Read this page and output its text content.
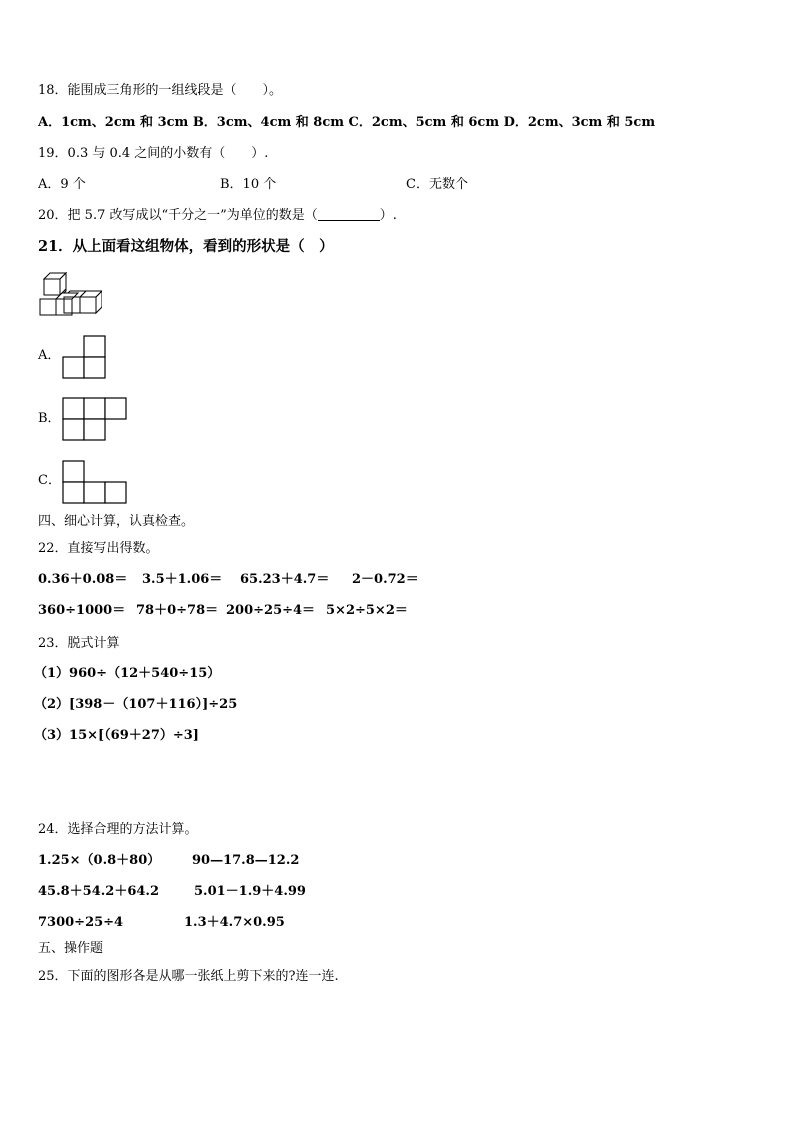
18．能围成三角形的一组线段是（　　）。
A．1cm、2cm 和 3cm B．3cm、4cm 和 8cm C．2cm、5cm 和 6cm D．2cm、3cm 和 5cm
19．0.3 与 0.4 之间的小数有（　　）.
A．9 个	B．10 个	C．无数个
20．把 5.7 改写成以“千分之一”为单位的数是（	）.
21．从上面看这组物体，看到的形状是（　）
A．
B．
C．
四、细心计算，认真检查。
22．直接写出得数。
0.36＋0.08＝ 3.5＋1.06＝ 65.23＋4.7＝ 2－0.72＝
360÷1000＝ 78＋0÷78＝ 200÷25÷4＝ 5×2÷5×2＝
23．脱式计算
（1）960÷（12＋540÷15）
（2）[398－（107＋116）]÷25
（3）15×[（69＋27）÷3]
24．选择合理的方法计算。
1.25×（0.8＋80） 90—17.8—12.2
45.8＋54.2＋64.2	5.01－1.9＋4.99
7300÷25÷4	1.3＋4.7×0.95
五、操作题
25．下面的图形各是从哪一张纸上剪下来的?连一连.
